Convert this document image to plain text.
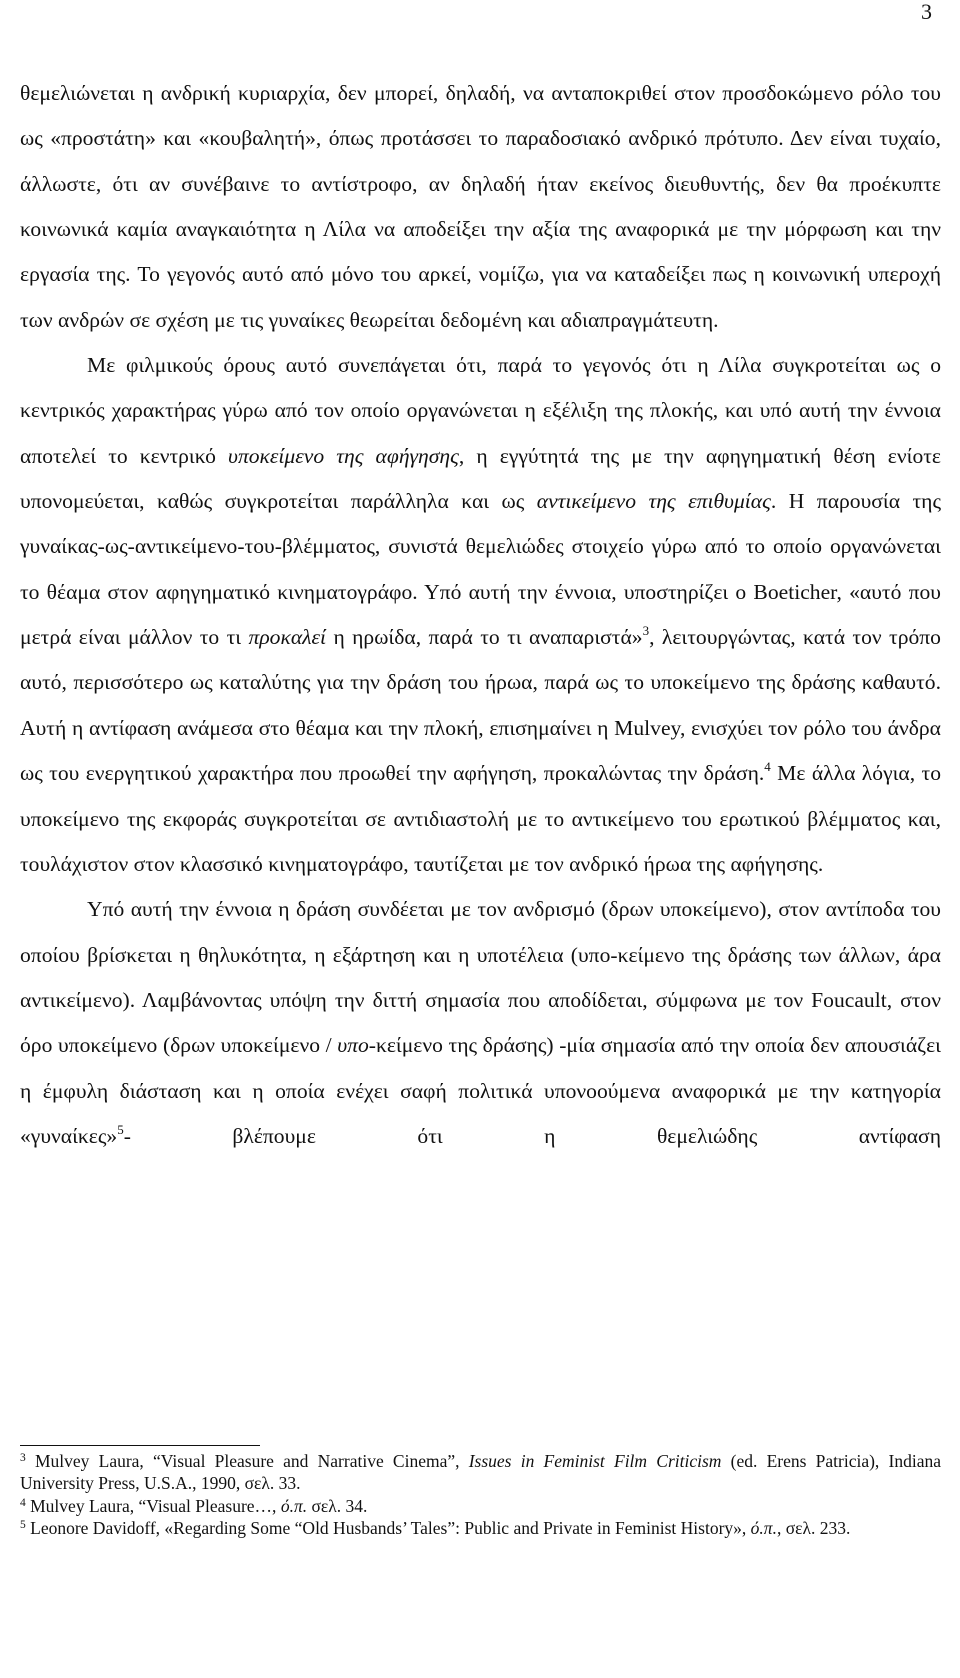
3

θεμελιώνεται η ανδρική κυριαρχία, δεν μπορεί, δηλαδή, να ανταποκριθεί στον προσδοκώμενο ρόλο του ως «προστάτη» και «κουβαλητή», όπως προτάσσει το παραδοσιακό ανδρικό πρότυπο. Δεν είναι τυχαίο, άλλωστε, ότι αν συνέβαινε το αντίστροφο, αν δηλαδή ήταν εκείνος διευθυντής, δεν θα προέκυπτε κοινωνικά καμία αναγκαιότητα η Λίλα να αποδείξει την αξία της αναφορικά με την μόρφωση και την εργασία της. Το γεγονός αυτό από μόνο του αρκεί, νομίζω, για να καταδείξει πως η κοινωνική υπεροχή των ανδρών σε σχέση με τις γυναίκες θεωρείται δεδομένη και αδιαπραγμάτευτη.

Με φιλμικούς όρους αυτό συνεπάγεται ότι, παρά το γεγονός ότι η Λίλα συγκροτείται ως ο κεντρικός χαρακτήρας γύρω από τον οποίο οργανώνεται η εξέλιξη της πλοκής, και υπό αυτή την έννοια αποτελεί το κεντρικό υποκείμενο της αφήγησης, η εγγύτητά της με την αφηγηματική θέση ενίοτε υπονομεύεται, καθώς συγκροτείται παράλληλα και ως αντικείμενο της επιθυμίας. Η παρουσία της γυναίκας-ως-αντικείμενο-του-βλέμματος, συνιστά θεμελιώδες στοιχείο γύρω από το οποίο οργανώνεται το θέαμα στον αφηγηματικό κινηματογράφο. Υπό αυτή την έννοια, υποστηρίζει ο Boeticher, «αυτό που μετρά είναι μάλλον το τι προκαλεί η ηρωίδα, παρά το τι αναπαριστά»$^3$, λειτουργώντας, κατά τον τρόπο αυτό, περισσότερο ως καταλύτης για την δράση του ήρωα, παρά ως το υποκείμενο της δράσης καθαυτό. Αυτή η αντίφαση ανάμεσα στο θέαμα και την πλοκή, επισημαίνει η Mulvey, ενισχύει τον ρόλο του άνδρα ως του ενεργητικού χαρακτήρα που προωθεί την αφήγηση, προκαλώντας την δράση.$^4$ Με άλλα λόγια, το υποκείμενο της εκφοράς συγκροτείται σε αντιδιαστολή με το αντικείμενο του ερωτικού βλέμματος και, τουλάχιστον στον κλασσικό κινηματογράφο, ταυτίζεται με τον ανδρικό ήρωα της αφήγησης.

Υπό αυτή την έννοια η δράση συνδέεται με τον ανδρισμό (δρων υποκείμενο), στον αντίποδα του οποίου βρίσκεται η θηλυκότητα, η εξάρτηση και η υποτέλεια (υπο-κείμενο της δράσης των άλλων, άρα αντικείμενο). Λαμβάνοντας υπόψη την διττή σημασία που αποδίδεται, σύμφωνα με τον Foucault, στον όρο υποκείμενο (δρων υποκείμενο / υπο-κείμενο της δράσης) -μία σημασία από την οποία δεν απουσιάζει η έμφυλη διάσταση και η οποία ενέχει σαφή πολιτικά υπονοούμενα αναφορικά με την κατηγορία «γυναίκες»$^5$- βλέπουμε ότι η θεμελιώδης αντίφαση

$^3$ Mulvey Laura, “Visual Pleasure and Narrative Cinema”, Issues in Feminist Film Criticism (ed. Erens Patricia), Indiana University Press, U.S.A., 1990, σελ. 33.
$^4$ Mulvey Laura, “Visual Pleasure…, ό.π. σελ. 34.
$^5$ Leonore Davidoff, «Regarding Some “Old Husbands’ Tales”: Public and Private in Feminist History», ό.π., σελ. 233.
